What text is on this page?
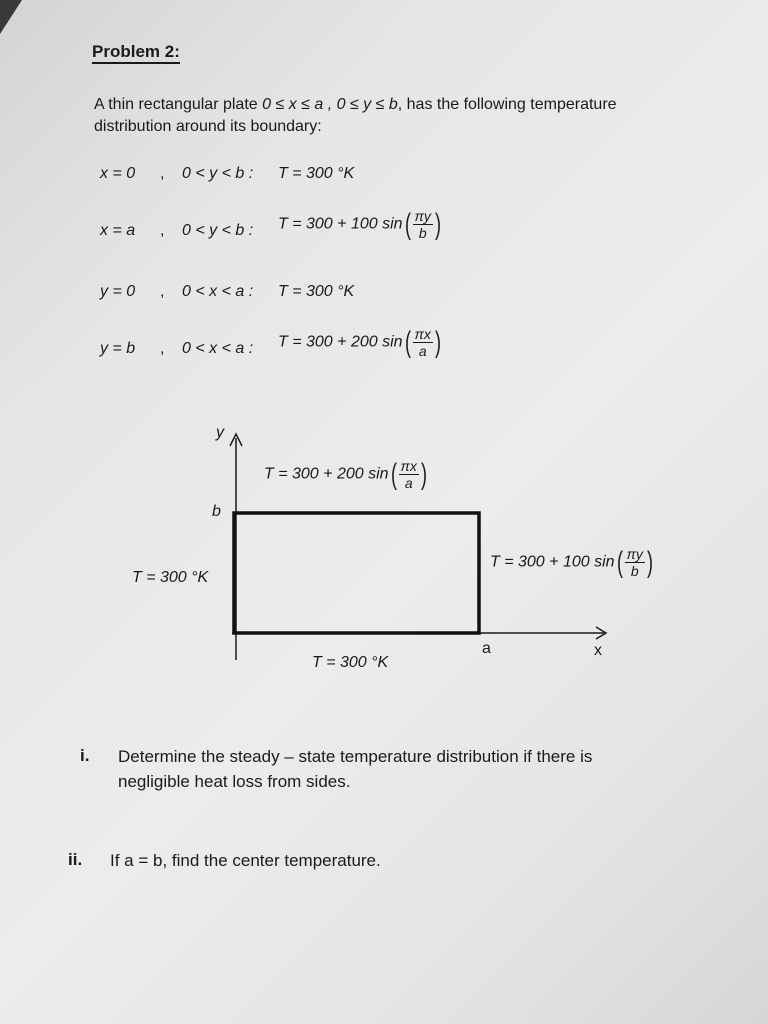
Problem 2:
A thin rectangular plate 0 ≤ x ≤ a , 0 ≤ y ≤ b, has the following temperature
distribution around its boundary:
x = 0 , 0 < y < b : T = 300 °K
x = a , 0 < y < b : T = 300 + 100 $\sin( \frac{\pi y}{b}$ )
y = 0 , 0 < x < a : T = 300 °K
y = b , 0 < x < a : T = 300 + 200 $\sin( \frac{\pi x}{a}$ )
y
b
a	x
T = 300 + 200 $\sin( \frac{\pi x}{a}$ )
T = 300 °K
T = 300 + 100 $\sin( \frac{\pi y}{b}$ )
T = 300 °K
i. Determine the steady – state temperature distribution if there is
negligible heat loss from sides.
ii. If a = b, find the center temperature.
